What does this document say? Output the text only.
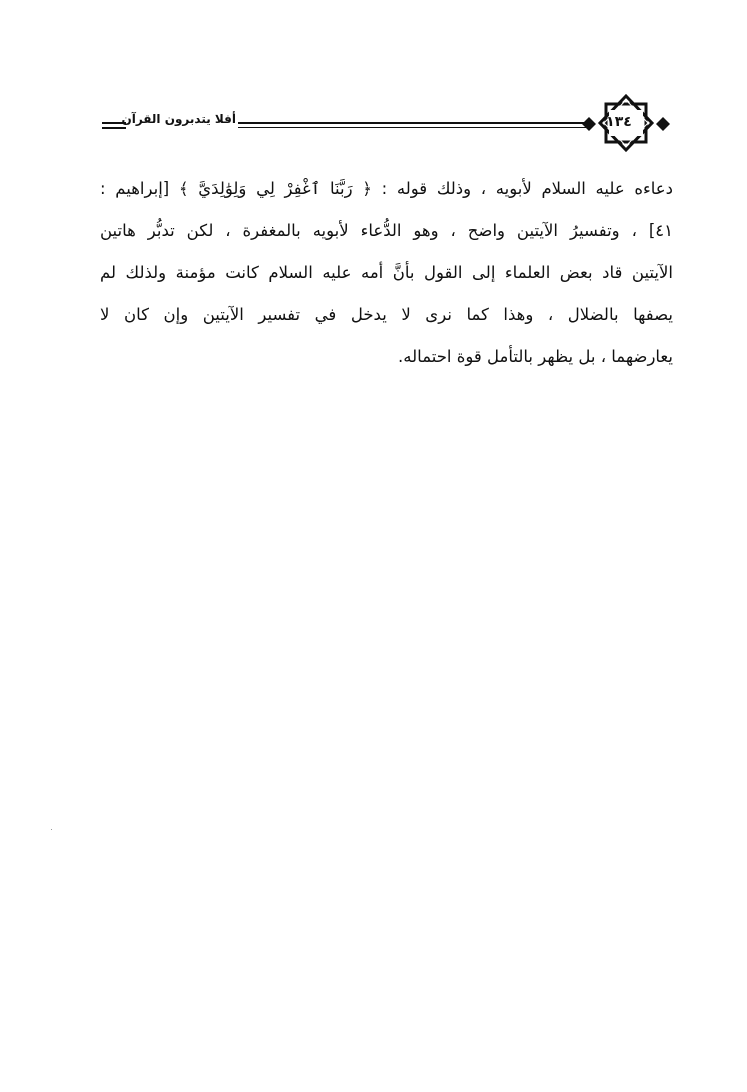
أفلا يتدبرون القرآن	١٣٤
دعاءه عليه السلام لأبويه ، وذلك قوله : ﴿ رَبَّنَا ٱغْفِرْ لِي وَلِوَٰلِدَيَّ ﴾ [إبراهيم :
٤١] ، وتفسيرُ الآيتين واضح ، وهو الدُّعاء لأبويه بالمغفرة ، لكن تدبُّر هاتين
الآيتين قاد بعض العلماء إلى القول بأنَّ أمه عليه السلام كانت مؤمنة ولذلك لم
يصفها بالضلال ، وهذا كما نرى لا يدخل في تفسير الآيتين وإن كان لا
يعارضهما ، بل يظهر بالتأمل قوة احتماله.
